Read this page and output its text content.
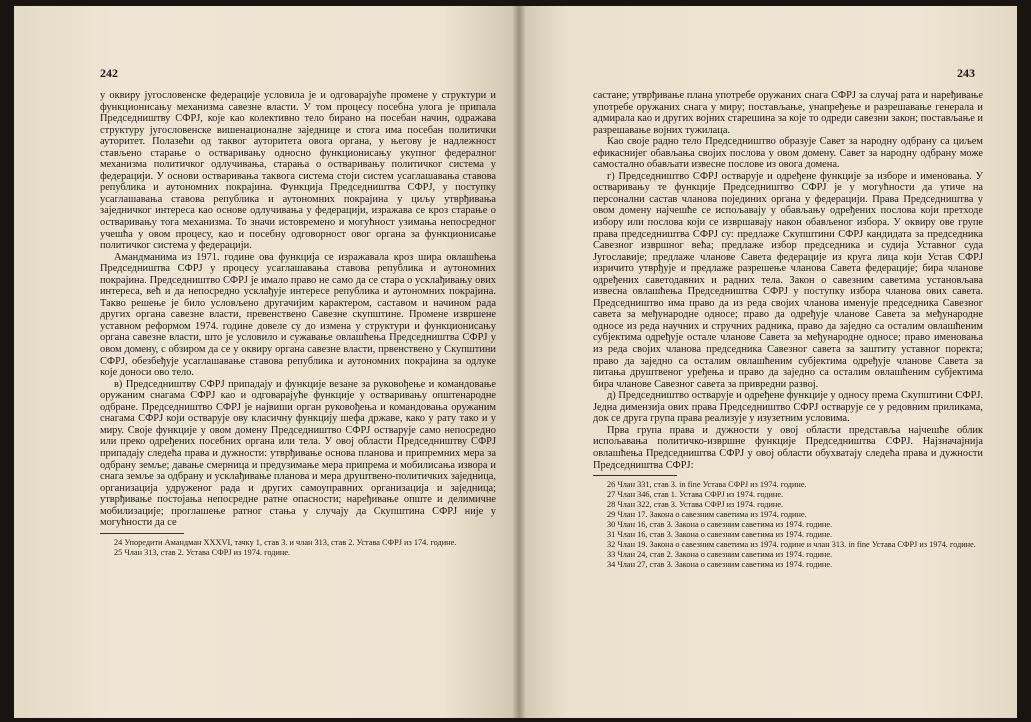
242

у оквиру југословенске федерације условила је и одговарајуће промене у структури и функционисању механизма савезне власти. У том процесу посебна улога је припала Председништву СФРЈ, које као колективно тело бирано на посебан начин, одражава структуру југословенске вишенационалне заједнице и стога има посебан политички ауторитет. Полазећи од таквог ауторитета овога органа, у његову је надлежност стављено старање о остваривању односно функционисању укупног федералног механизма политичког одлучивања, старања о остваривању политичког система у федерацији. У основи остваривања таквога система стоји систем усаглашавања ставова република и аутономних покрајина. Функција Председништва СФРЈ, у поступку усаглашавања ставова република и аутономних покрајина у циљу утврђивања заједничког интереса као основе одлучивања у федерацији, изражава се кроз старање о остваривању тога механизма. То значи истовремено и могућност узимања непосредног учешћа у овом процесу, као и посебну одговорност овог органа за функционисање политичког система у федерацији.

Амандманима из 1971. године ова функција се изражавала кроз шира овлашћења Председништва СФРЈ у процесу усаглашавања ставова република и аутономних покрајина. Председништво СФРЈ је имало право не само да се стара о усклађивању ових интереса, већ и да непосредно усклађује интересе република и аутономних покрајина. Такво решење је било условљено другачијим карактером, саставом и начином рада других органа савезне власти, превенствено Савезне скупштине. Промене извршене уставном реформом 1974. године довеле су до измена у структури и функционисању органа савезне власти, што је условило и сужавање овлашћења Председништва СФРЈ у овом домену, с обзиром да се у оквиру органа савезне власти, првенствено у Скупштини СФРЈ, обезбеђује усаглашавање ставова република и аутономних покрајина за одлуке које доноси ово тело.

в) Председништву СФРЈ припадају и функције везане за руковођење и командовање оружаним снагама СФРЈ као и одговарајуће функције у остваривању општенародне одбране. Председништво СФРЈ је највиши орган руковођења и командовања оружаним снагама СФРЈ који остварује ову класичну функцију шефа државе, како у рату тако и у миру. Своје функције у овом домену Председништво СФРЈ остварује само непосредно или преко одређених посебних органа или тела. У овој области Председништву СФРЈ припадају следећа права и дужности: утврђивање основа планова и припремних мера за одбрану земље; давање смерница и предузимање мера припрема и мобилисања извора и снага земље за одбрану и усклађивање планова и мера друштвено-политичких заједница, организација удруженог рада и других самоуправних организација и заједница; утврђивање постојања непосредне ратне опасности; наређивање опште и делимичне мобилизације; проглашење ратног стања у случају да Скупштина СФРЈ није у могућности да се

24 Упоредити Амандман XXXVI, тачку 1, став 3. и члан 313, став 2. Устава СФРЈ из 174. године.

25 Члан 313, став 2. Устава СФРЈ из 1974. године.

243

састане; утврђивање плана употребе оружаних снага СФРЈ за случај рата и наређивање употребе оружаних снага у миру; постављање, унапређење и разрешавање генерала и адмирала као и других војних старешина за које то одреди савезни закон; постављање и разрешавање војних тужилаца.

Као своје радно тело Председништво образује Савет за народну одбрану са циљем ефикаснијег обављања својих послова у овом домену. Савет за народну одбрану може самостално обављати извесне послове из овога домена.

г) Председништво СФРЈ остварује и одређене функције за изборе и именовања. У остваривању те функције Председништво СФРЈ је у могућности да утиче на персонални састав чланова појединих органа у федерацији. Права Председништва у овом домену најчешће се испољавају у обављању одређених послова који претходе избору или послова који се извршавају након обављеног избора. У оквиру ове групе права председништва СФРЈ су: предлаже Скупштини СФРЈ кандидата за председника Савезног извршног већа; предлаже избор председника и судија Уставног суда Југославије; предлаже чланове Савета федерације из круга лица који Устав СФРЈ изричито утврђује и предлаже разрешење чланова Савета федерације; бира чланове одређених саветодавних и радних тела. Закон о савезним саветима установљава извесна овлашћења Председништва СФРЈ у поступку избора чланова ових савета. Председништво има право да из реда својих чланова именује председника Савезног савета за међународне односе; право да одређује чланове Савета за међународне односе из реда научних и стручних радника, право да заједно са осталим овлашћеним субјектима одређује остале чланове Савета за међународне односе; право именовања из реда својих чланова председника Савезног савета за заштиту уставног поректа; право да заједно са осталим овлашћеним субјектима одређује чланове Савета за питања друштвеног уређења и право да заједно са осталим овлашћеним субјектима бира чланове Савезног савета за привредни развој.

д) Председништво остварује и одређене функције у односу према Скупштини СФРЈ. Једна димензија ових права Председништво СФРЈ остварује се у редовним приликама, док се друга група права реализује у изузетним условима.

Прва група права и дужности у овој области представља најчешће облик испољавања политичко-извршне функције Председништва СФРЈ. Најзначајнија овлашћења Председништва СФРЈ у овој области обухватају следећа права и дужности Председништва СФРЈ:

26 Члан 331, став 3. in fine Устава СФРЈ из 1974. године.

27 Члан 346, став 1. Устава СФРЈ из 1974. године.

28 Члан 322, став 3. Устава СФРЈ из 1974. године.

29 Члан 17. Закона о савезним саветима из 1974. године.

30 Члан 16, став 3. Закона о савезним саветима из 1974. године.

31 Члан 16, став 3. Закона о савезним саветима из 1974. године.

32 Члан 19. Закона о савезним саветима из 1974. године и члан 313. in fine Устава СФРЈ из 1974. године.

33 Члан 24, став 2. Закона о савезним саветима из 1974. године.

34 Члан 27, став 3. Закона о савезним саветима из 1974. године.
